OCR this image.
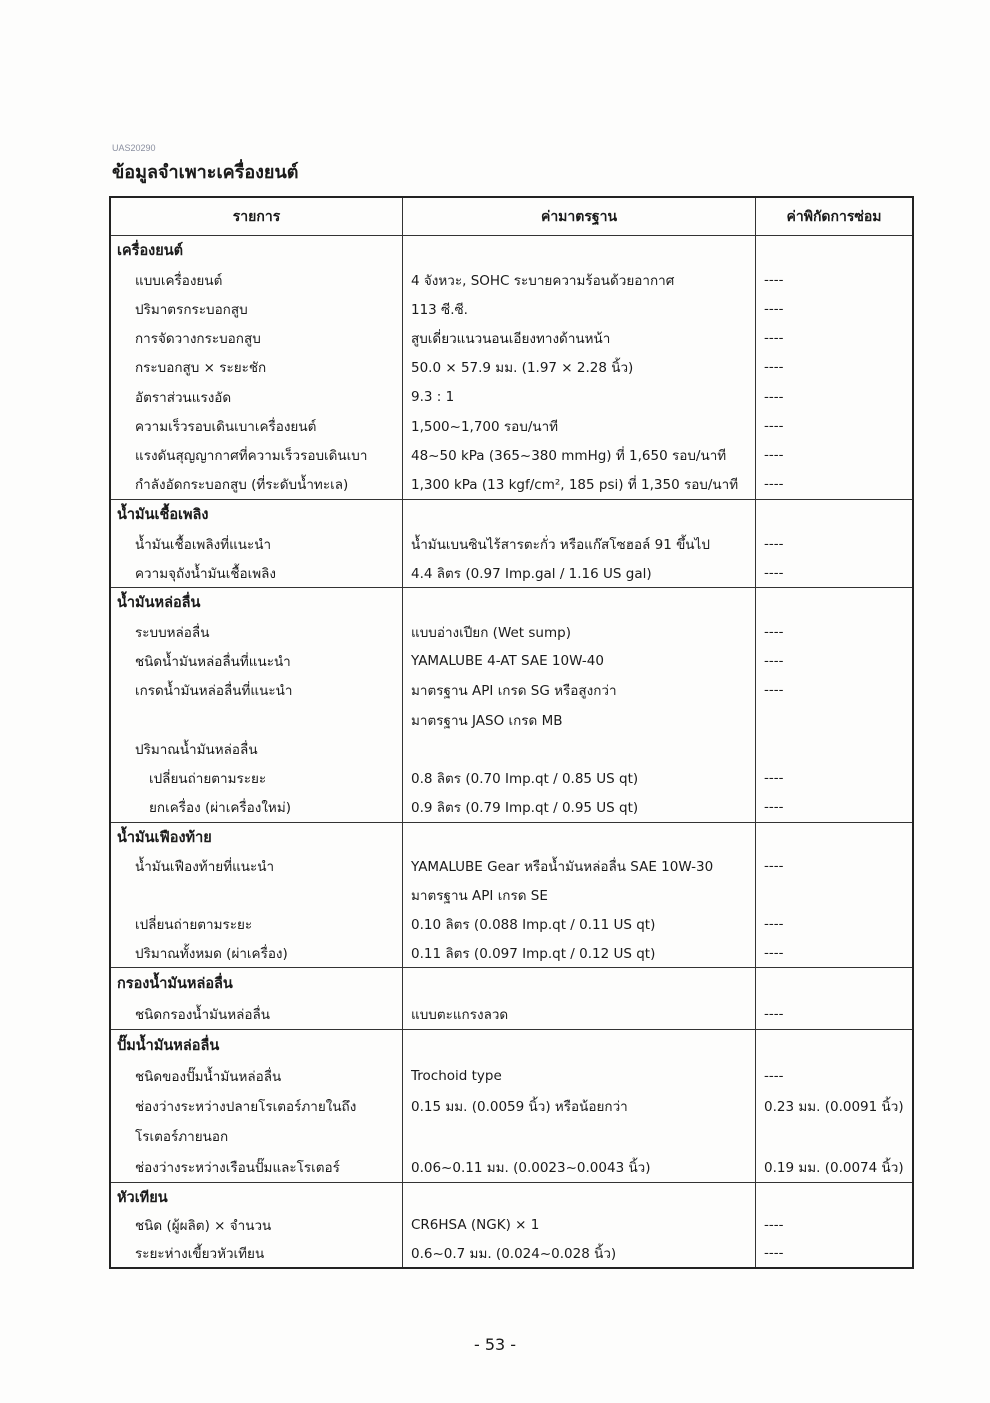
UAS20290
ข้อมูลจำเพาะเครื่องยนต์
รายการ	ค่ามาตรฐาน	ค่าพิกัดการซ่อม
เครื่องยนต์
แบบเครื่องยนต์	4 จังหวะ, SOHC ระบายความร้อนด้วยอากาศ	----
ปริมาตรกระบอกสูบ	113 ซี.ซี.	----
การจัดวางกระบอกสูบ	สูบเดี่ยวแนวนอนเอียงทางด้านหน้า	----
กระบอกสูบ × ระยะชัก	50.0 × 57.9 มม. (1.97 × 2.28 นิ้ว)	----
อัตราส่วนแรงอัด	9.3 : 1	----
ความเร็วรอบเดินเบาเครื่องยนต์	1,500~1,700 รอบ/นาที	----
แรงดันสุญญากาศที่ความเร็วรอบเดินเบา	48~50 kPa (365~380 mmHg) ที่ 1,650 รอบ/นาที	----
กำลังอัดกระบอกสูบ (ที่ระดับน้ำทะเล)	1,300 kPa (13 kgf/cm², 185 psi) ที่ 1,350 รอบ/นาที	----
น้ำมันเชื้อเพลิง
น้ำมันเชื้อเพลิงที่แนะนำ	น้ำมันเบนซินไร้สารตะกั่ว หรือแก๊สโซฮอล์ 91 ขึ้นไป	----
ความจุถังน้ำมันเชื้อเพลิง	4.4 ลิตร (0.97 Imp.gal / 1.16 US gal)	----
น้ำมันหล่อลื่น
ระบบหล่อลื่น	แบบอ่างเปียก (Wet sump)	----
ชนิดน้ำมันหล่อลื่นที่แนะนำ	YAMALUBE 4-AT SAE 10W-40	----
เกรดน้ำมันหล่อลื่นที่แนะนำ	มาตรฐาน API เกรด SG หรือสูงกว่า	----
มาตรฐาน JASO เกรด MB
ปริมาณน้ำมันหล่อลื่น
เปลี่ยนถ่ายตามระยะ	0.8 ลิตร (0.70 Imp.qt / 0.85 US qt)	----
ยกเครื่อง (ผ่าเครื่องใหม่)	0.9 ลิตร (0.79 Imp.qt / 0.95 US qt)	----
น้ำมันเฟืองท้าย
น้ำมันเฟืองท้ายที่แนะนำ	YAMALUBE Gear หรือน้ำมันหล่อลื่น SAE 10W-30	----
มาตรฐาน API เกรด SE
เปลี่ยนถ่ายตามระยะ	0.10 ลิตร (0.088 Imp.qt / 0.11 US qt)	----
ปริมาณทั้งหมด (ผ่าเครื่อง)	0.11 ลิตร (0.097 Imp.qt / 0.12 US qt)	----
กรองน้ำมันหล่อลื่น
ชนิดกรองน้ำมันหล่อลื่น	แบบตะแกรงลวด	----
ปั๊มน้ำมันหล่อลื่น
ชนิดของปั๊มน้ำมันหล่อลื่น	Trochoid type	----
ช่องว่างระหว่างปลายโรเตอร์ภายในถึง	0.15 มม. (0.0059 นิ้ว) หรือน้อยกว่า	0.23 มม. (0.0091 นิ้ว)
โรเตอร์ภายนอก
ช่องว่างระหว่างเรือนปั๊มและโรเตอร์	0.06~0.11 มม. (0.0023~0.0043 นิ้ว)	0.19 มม. (0.0074 นิ้ว)
หัวเทียน
ชนิด (ผู้ผลิต) × จำนวน	CR6HSA (NGK) × 1	----
ระยะห่างเขี้ยวหัวเทียน	0.6~0.7 มม. (0.024~0.028 นิ้ว)	----
- 53 -
